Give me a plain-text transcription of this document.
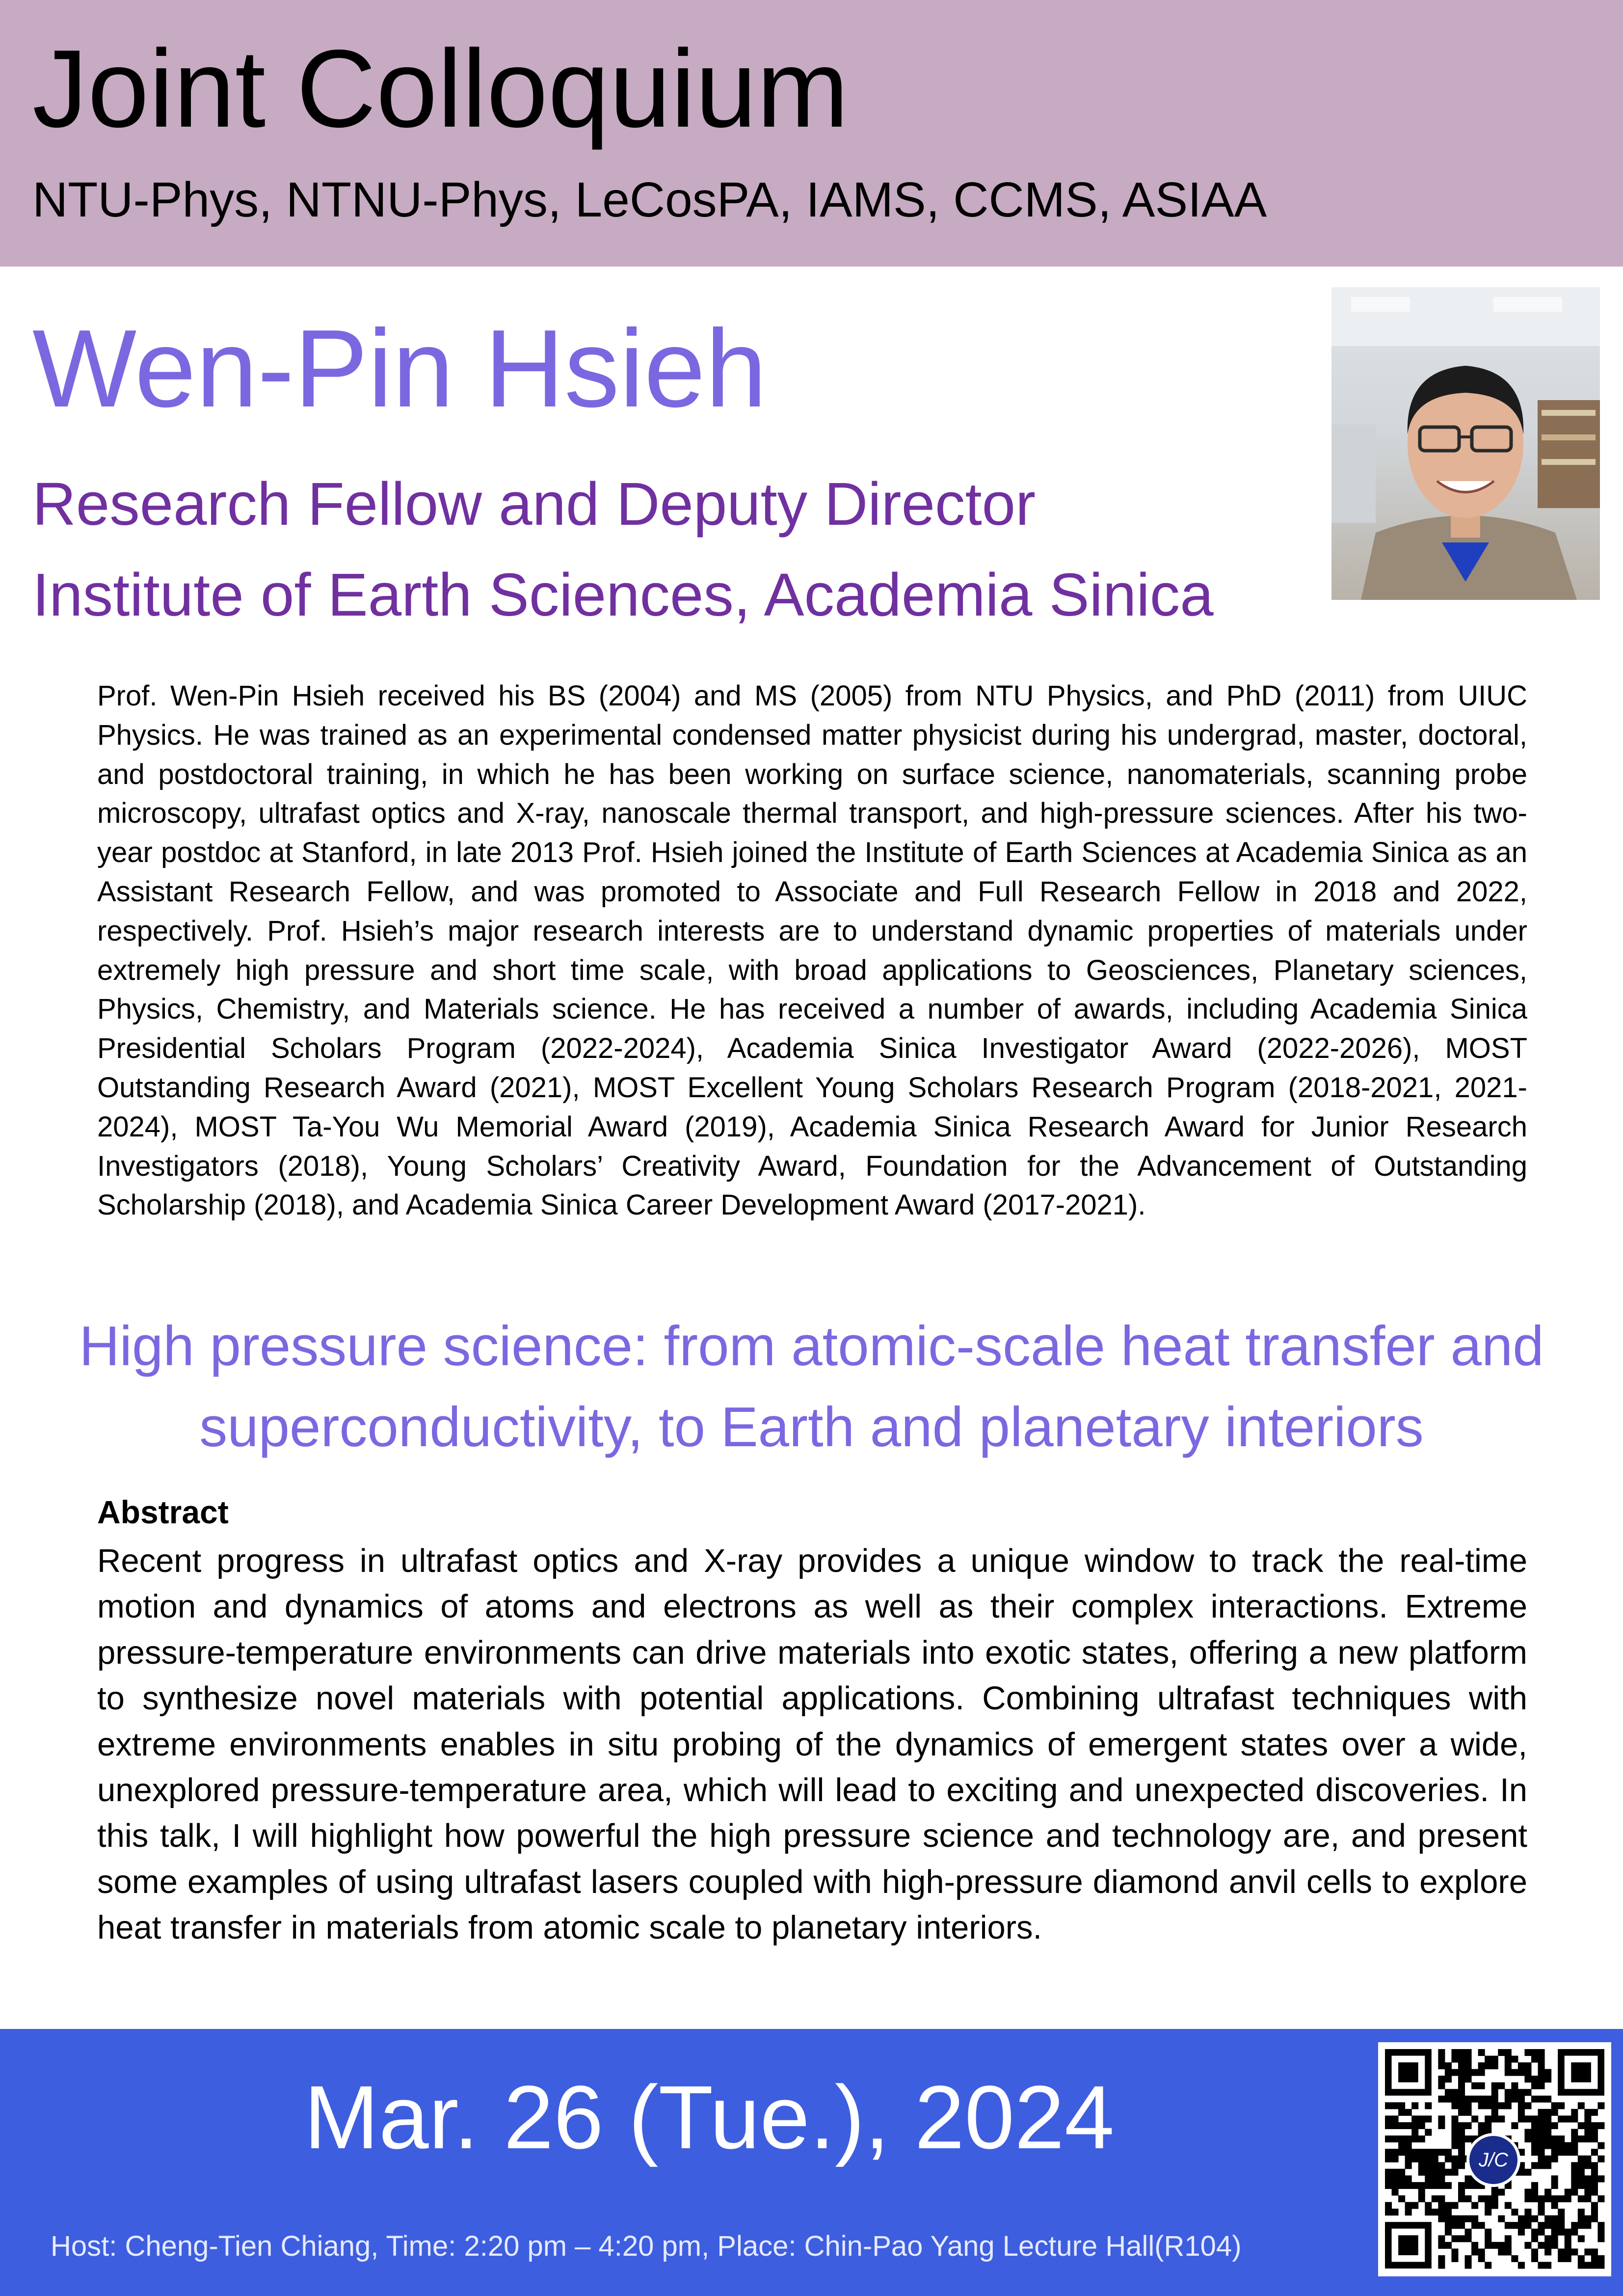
Joint Colloquium
NTU-Phys, NTNU-Phys, LeCosPA, IAMS, CCMS, ASIAA
Wen-Pin Hsieh
Research Fellow and Deputy Director
Institute of Earth Sciences, Academia Sinica
Prof. Wen-Pin Hsieh received his BS (2004) and MS (2005) from NTU Physics, and PhD (2011) from UIUC Physics. He was trained as an experimental condensed matter physicist during his undergrad, master, doctoral, and postdoctoral training, in which he has been working on surface science, nanomaterials, scanning probe microscopy, ultrafast optics and X-ray, nanoscale thermal transport, and high-pressure sciences. After his two-year postdoc at Stanford, in late 2013 Prof. Hsieh joined the Institute of Earth Sciences at Academia Sinica as an Assistant Research Fellow, and was promoted to Associate and Full Research Fellow in 2018 and 2022, respectively. Prof. Hsieh’s major research interests are to understand dynamic properties of materials under extremely high pressure and short time scale, with broad applications to Geosciences, Planetary sciences, Physics, Chemistry, and Materials science. He has received a number of awards, including Academia Sinica Presidential Scholars Program (2022-2024), Academia Sinica Investigator Award (2022-2026), MOST Outstanding Research Award (2021), MOST Excellent Young Scholars Research Program (2018-2021, 2021-2024), MOST Ta-You Wu Memorial Award (2019), Academia Sinica Research Award for Junior Research Investigators (2018), Young Scholars’ Creativity Award, Foundation for the Advancement of Outstanding Scholarship (2018), and Academia Sinica Career Development Award (2017-2021).
High pressure science: from atomic-scale heat transfer and superconductivity, to Earth and planetary interiors
Abstract
Recent progress in ultrafast optics and X-ray provides a unique window to track the real-time motion and dynamics of atoms and electrons as well as their complex interactions. Extreme pressure-temperature environments can drive materials into exotic states, offering a new platform to synthesize novel materials with potential applications. Combining ultrafast techniques with extreme environments enables in situ probing of the dynamics of emergent states over a wide, unexplored pressure-temperature area, which will lead to exciting and unexpected discoveries. In this talk, I will highlight how powerful the high pressure science and technology are, and present some examples of using ultrafast lasers coupled with high-pressure diamond anvil cells to explore heat transfer in materials from atomic scale to planetary interiors.
Mar. 26 (Tue.), 2024
Host: Cheng-Tien Chiang, Time: 2:20 pm – 4:20 pm, Place: Chin-Pao Yang Lecture Hall(R104)
J/C
